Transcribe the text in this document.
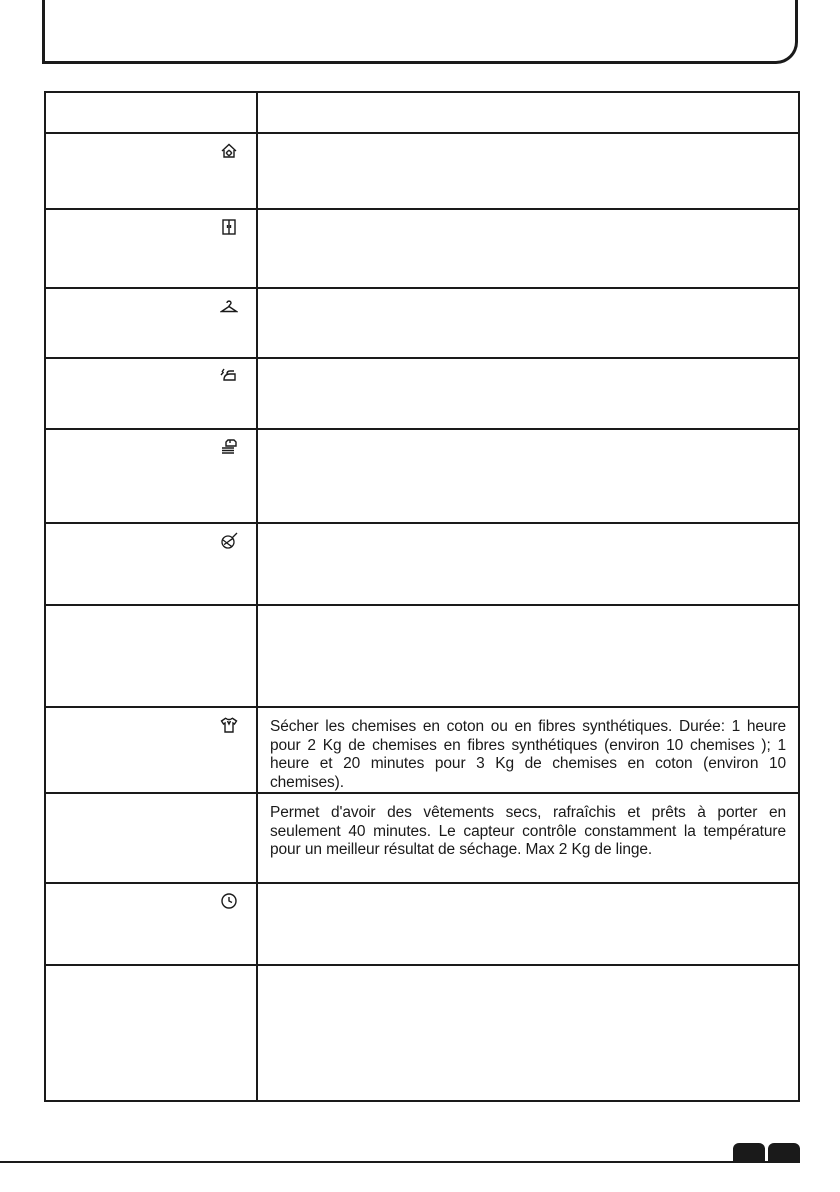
Sécher les chemises en coton ou en fibres synthétiques. Durée: 1 heure pour 2 Kg de chemises en fibres synthétiques (environ 10 chemises ); 1 heure et 20 minutes pour 3 Kg de chemises en coton (environ 10 chemises).

	Permet d'avoir des vêtements secs, rafraîchis et prêts à porter en seulement 40 minutes. Le capteur contrôle constamment la température pour un meilleur résultat de séchage. Max 2 Kg de linge.
